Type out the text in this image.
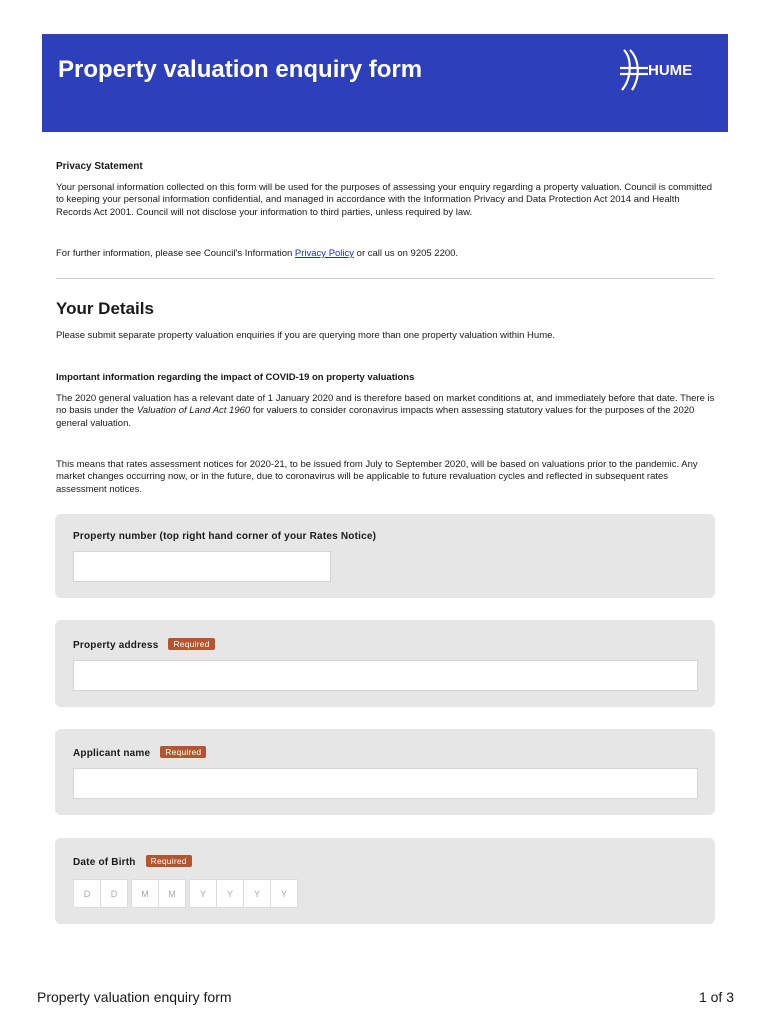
Property valuation enquiry form	HUME
Privacy Statement
Your personal information collected on this form will be used for the purposes of assessing your enquiry regarding a property valuation. Council is committed to keeping your personal information confidential, and managed in accordance with the Information Privacy and Data Protection Act 2014 and Health Records Act 2001. Council will not disclose your information to third parties, unless required by law.
For further information, please see Council's Information Privacy Policy or call us on 9205 2200.
Your Details
Please submit separate property valuation enquiries if you are querying more than one property valuation within Hume.
Important information regarding the impact of COVID-19 on property valuations
The 2020 general valuation has a relevant date of 1 January 2020 and is therefore based on market conditions at, and immediately before that date. There is no basis under the Valuation of Land Act 1960 for valuers to consider coronavirus impacts when assessing statutory values for the purposes of the 2020 general valuation.
This means that rates assessment notices for 2020-21, to be issued from July to September 2020, will be based on valuations prior to the pandemic. Any market changes occurring now, or in the future, due to coronavirus will be applicable to future revaluation cycles and reflected in subsequent rates assessment notices.
Property number (top right hand corner of your Rates Notice)
Property address Required
Applicant name Required
Date of Birth Required
D	D	M	M	Y	Y	Y	Y
Property valuation enquiry form	1 of 3
